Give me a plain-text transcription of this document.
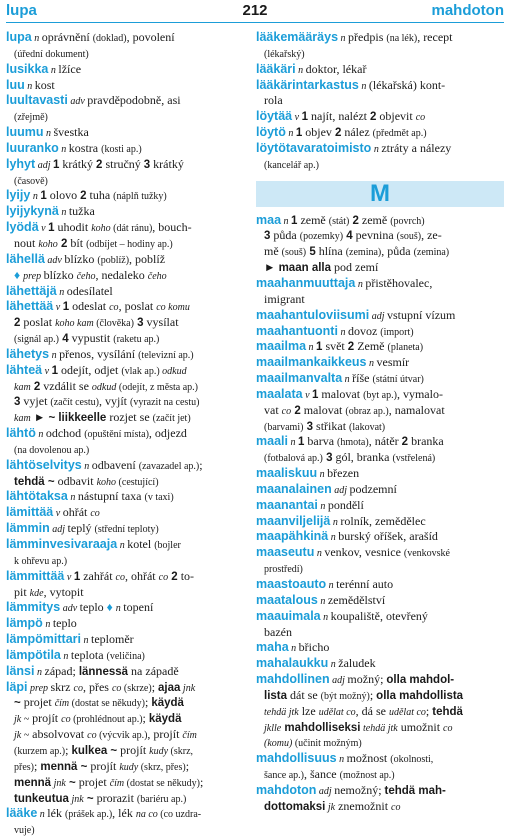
lupa	212	mahdoton
lupa n oprávnění (doklad), povolení
(úřední dokument)
lusikka n lžíce
luu n kost
luultavasti adv pravděpodobně, asi
(zřejmě)
luumu n švestka
luuranko n kostra (kosti ap.)
lyhyt adj 1 krátký 2 stručný 3 krátký
(časově)
lyijy n 1 olovo 2 tuha (náplň tužky)
lyijykynä n tužka
lyödä v 1 uhodit koho (dát ránu), bouch-
nout koho 2 bít (odbíjet – hodiny ap.)
lähellä adv blízko (poblíž), poblíž
♦ prep blízko čeho, nedaleko čeho
lähettäjä n odesílatel
lähettää v 1 odeslat co, poslat co komu
2 poslat koho kam (člověka) 3 vysílat
(signál ap.) 4 vypustit (raketu ap.)
lähetys n přenos, vysílání (televizní ap.)
lähteä v 1 odejít, odjet (vlak ap.) odkud
kam 2 vzdálit se odkud (odejít, z města ap.)
3 vyjet (začít cestu), vyjít (vyrazit na cestu)
kam ► ~ liikkeelle rozjet se (začít jet)
lähtö n odchod (opuštění místa), odjezd
(na dovolenou ap.)
lähtöselvitys n odbavení (zavazadel ap.);
tehdä ~ odbavit koho (cestující)
lähtötaksa n nástupní taxa (v taxi)
lämittää v ohřát co
lämmin adj teplý (střední teploty)
lämminvesivaraaja n kotel (bojler
k ohřevu ap.)
lämmittää v 1 zahřát co, ohřát co 2 to-
pit kde, vytopit
lämmitys adv teplo ♦ n topení
lämpö n teplo
lämpömittari n teploměr
lämpötila n teplota (veličina)
länsi n západ; lännessä na západě
läpi prep skrz co, přes co (skrze); ajaa jnk
~ projet čím (dostat se někudy); käydä
jk ~ projít co (prohlédnout ap.); käydä
jk ~ absolvovat co (výcvik ap.), projít čím
(kurzem ap.); kulkea ~ projít kudy (skrz,
přes); mennä ~ projít kudy (skrz, přes);
mennä jnk ~ projet čím (dostat se někudy);
tunkeutua jnk ~ prorazit (bariéru ap.)
lääke n lék (prášek ap.), lék na co (co uzdra-
vuje)
lääkemääräys n předpis (na lék), recept
(lékařský)
lääkäri n doktor, lékař
lääkärintarkastus n (lékařská) kont-
rola
löytää v 1 najít, nalézt 2 objevit co
löytö n 1 objev 2 nález (předmět ap.)
löytötavaratoimisto n ztráty a nálezy
(kancelář ap.)
M
maa n 1 země (stát) 2 země (povrch)
3 půda (pozemky) 4 pevnina (souš), ze-
mě (souš) 5 hlína (zemina), půda (zemina)
► maan alla pod zemí
maahanmuuttaja n přistěhovalec,
imigrant
maahantuloviisumi adj vstupní vízum
maahantuonti n dovoz (import)
maailma n 1 svět 2 Země (planeta)
maailmankaikkeus n vesmír
maailmanvalta n říše (státní útvar)
maalata v 1 malovat (byt ap.), vymalo-
vat co 2 malovat (obraz ap.), namalovat
(barvami) 3 střikat (lakovat)
maali n 1 barva (hmota), nátěr 2 branka
(fotbalová ap.) 3 gól, branka (vstřelená)
maaliskuu n březen
maanalainen adj podzemní
maanantai n pondělí
maanviljelijä n rolník, zemědělec
maapähkinä n burský oříšek, arašíd
maaseutu n venkov, vesnice (venkovské
prostředí)
maastoauto n terénní auto
maatalous n zemědělství
maauimala n koupaliště, otevřený
bazén
maha n břicho
mahalaukku n žaludek
mahdollinen adj možný; olla mahdol-
lista dát se (být možný); olla mahdollista
tehdä jtk lze udělat co, dá se udělat co; tehdä
jklle mahdolliseksi tehdä jtk umožnit co
(komu) (učinit možným)
mahdollisuus n možnost (okolnosti,
šance ap.), šance (možnost ap.)
mahdoton adj nemožný; tehdä mah-
dottomaksi jk znemožnit co
